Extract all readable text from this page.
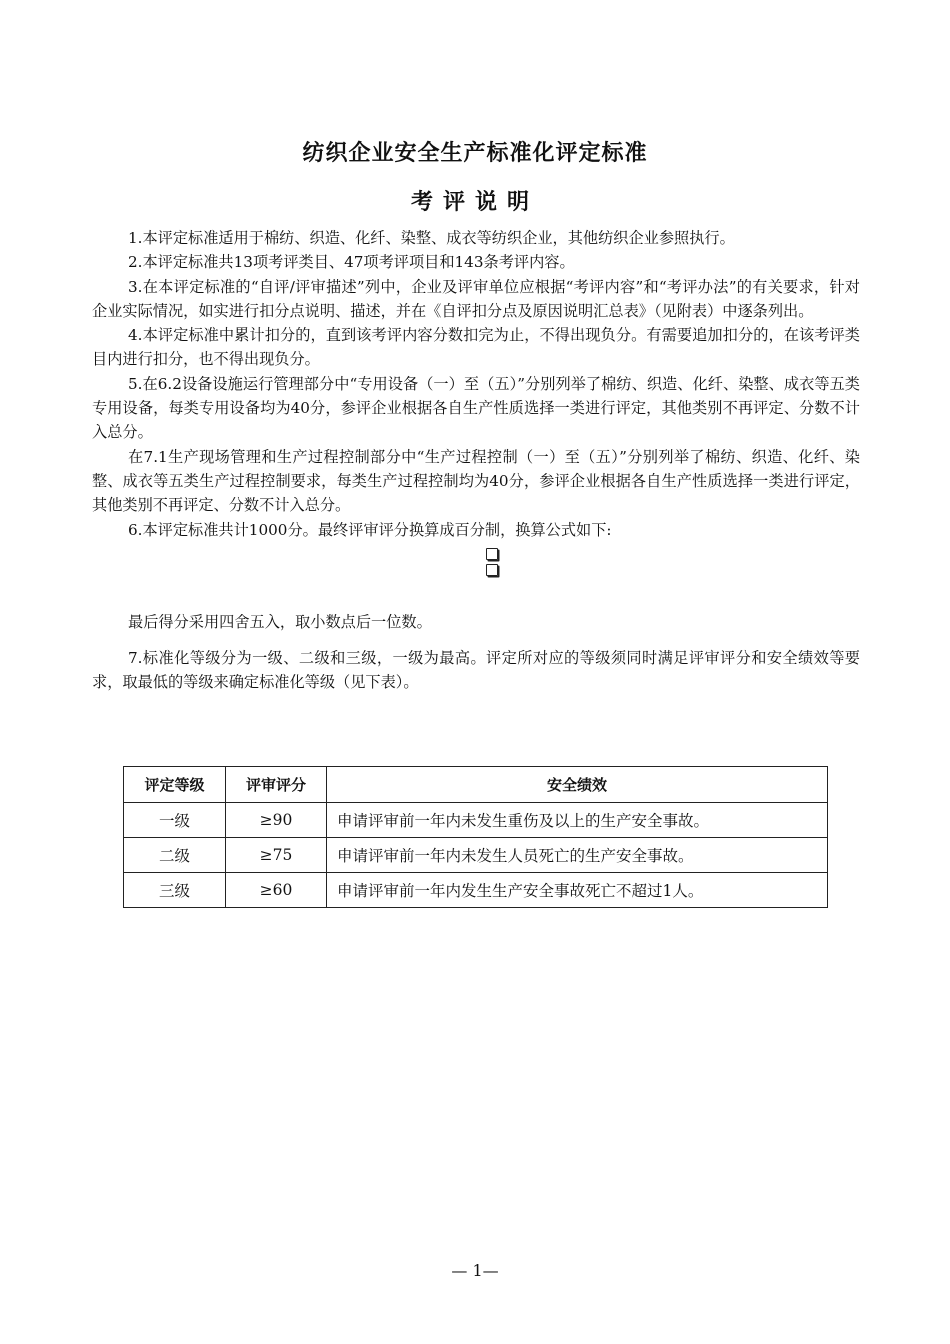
纺织企业安全生产标准化评定标准
考评说明

1.本评定标准适用于棉纺、织造、化纤、染整、成衣等纺织企业，其他纺织企业参照执行。

2.本评定标准共13项考评类目、47项考评项目和143条考评内容。

3.在本评定标准的“自评/评审描述”列中，企业及评审单位应根据“考评内容”和“考评办法”的有关要求，针对企业实际情况，如实进行扣分点说明、描述，并在《自评扣分点及原因说明汇总表》（见附表）中逐条列出。

4.本评定标准中累计扣分的，直到该考评内容分数扣完为止，不得出现负分。有需要追加扣分的，在该考评类目内进行扣分，也不得出现负分。

5.在6.2设备设施运行管理部分中“专用设备（一）至（五）”分别列举了棉纺、织造、化纤、染整、成衣等五类专用设备，每类专用设备均为40分，参评企业根据各自生产性质选择一类进行评定，其他类别不再评定、分数不计入总分。

在7.1生产现场管理和生产过程控制部分中“生产过程控制（一）至（五）”分别列举了棉纺、织造、化纤、染整、成衣等五类生产过程控制要求，每类生产过程控制均为40分，参评企业根据各自生产性质选择一类进行评定，其他类别不再评定、分数不计入总分。

6.本评定标准共计1000分。最终评审评分换算成百分制，换算公式如下:

最后得分采用四舍五入，取小数点后一位数。

7.标准化等级分为一级、二级和三级，一级为最高。评定所对应的等级须同时满足评审评分和安全绩效等要求，取最低的等级来确定标准化等级（见下表）。

评定等级	评审评分	安全绩效
一级	≥90	申请评审前一年内未发生重伤及以上的生产安全事故。
二级	≥75	申请评审前一年内未发生人员死亡的生产安全事故。
三级	≥60	申请评审前一年内发生生产安全事故死亡不超过1人。
— 1—
